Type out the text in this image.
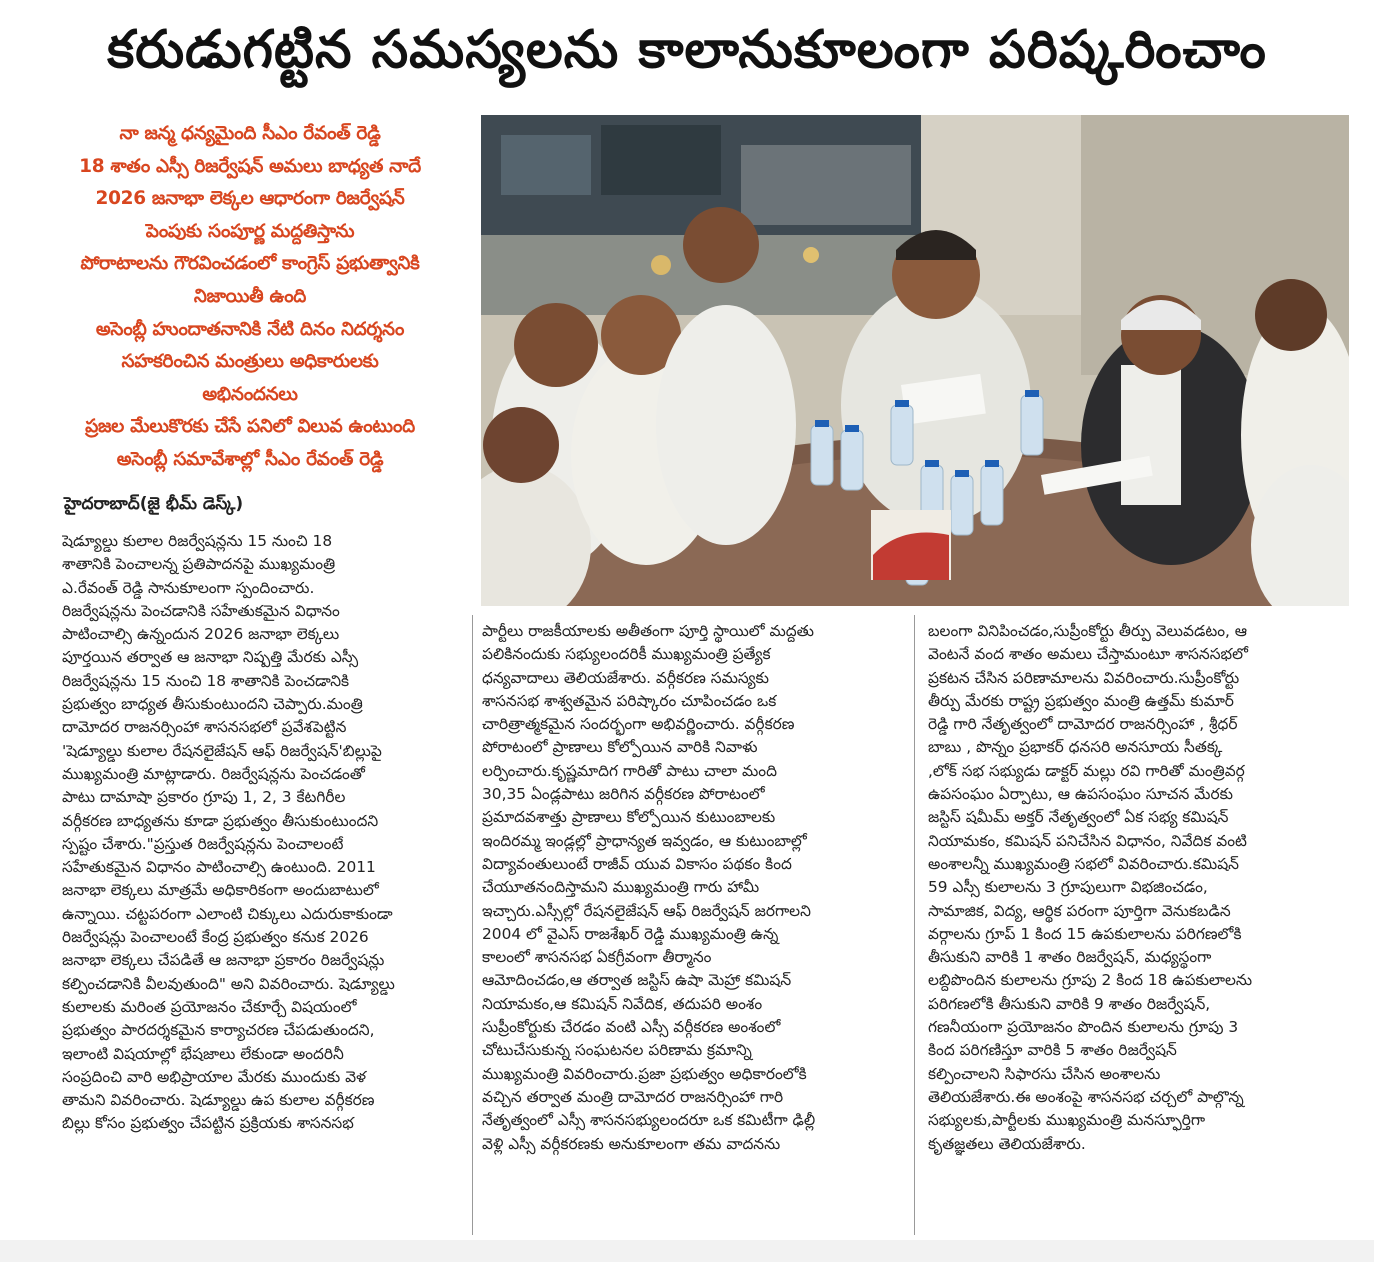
కరుడుగట్టిన సమస్యలను కాలానుకూలంగా పరిష్కరించాం
నా జన్మ ధన్యమైంది సీఎం రేవంత్ రెడ్డి
18 శాతం ఎస్సీ రిజర్వేషన్ అమలు బాధ్యత నాదే
2026 జనాభా లెక్కల ఆధారంగా రిజర్వేషన్
పెంపుకు సంపూర్ణ మద్దతిస్తాను
పోరాటాలను గౌరవించడంలో కాంగ్రెస్ ప్రభుత్వానికి
నిజాయితీ ఉంది
అసెంబ్లీ హుందాతనానికి నేటి దినం నిదర్శనం
సహకరించిన మంత్రులు అధికారులకు
అభినందనలు
ప్రజల మేలుకొరకు చేసే పనిలో విలువ ఉంటుంది
అసెంబ్లీ సమావేశాల్లో సీఎం రేవంత్ రెడ్డి
హైదరాబాద్(జై భీమ్ డెస్క్)
షెడ్యూల్డు కులాల రిజర్వేషన్లను 15 నుంచి 18
శాతానికి పెంచాలన్న ప్రతిపాదనపై ముఖ్యమంత్రి
ఎ.రేవంత్ రెడ్డి సానుకూలంగా స్పందించారు.
రిజర్వేషన్లను పెంచడానికి సహేతుకమైన విధానం
పాటించాల్సి ఉన్నందున 2026 జనాభా లెక్కలు
పూర్తయిన తర్వాత ఆ జనాభా నిష్పత్తి మేరకు ఎస్సీ
రిజర్వేషన్లను 15 నుంచి 18 శాతానికి పెంచడానికి
ప్రభుత్వం బాధ్యత తీసుకుంటుందని చెప్పారు.మంత్రి
దామోదర రాజనర్సింహా శాసనసభలో ప్రవేశపెట్టిన
'షెడ్యూల్డు కులాల రేషనలైజేషన్ ఆఫ్ రిజర్వేషన్'బిల్లుపై
ముఖ్యమంత్రి మాట్లాడారు. రిజర్వేషన్లను పెంచడంతో
పాటు దామాషా ప్రకారం గ్రూపు 1, 2, 3 కేటగిరీల
వర్గీకరణ బాధ్యతను కూడా ప్రభుత్వం తీసుకుంటుందని
స్పష్టం చేశారు."ప్రస్తుత రిజర్వేషన్లను పెంచాలంటే
సహేతుకమైన విధానం పాటించాల్సి ఉంటుంది. 2011
జనాభా లెక్కలు మాత్రమే అధికారికంగా అందుబాటులో
ఉన్నాయి. చట్టపరంగా ఎలాంటి చిక్కులు ఎదురుకాకుండా
రిజర్వేషన్లు పెంచాలంటే కేంద్ర ప్రభుత్వం కనుక 2026
జనాభా లెక్కలు చేపడితే ఆ జనాభా ప్రకారం రిజర్వేషన్లు
కల్పించడానికి వీలవుతుంది" అని వివరించారు. షెడ్యూల్డు
కులాలకు మరింత ప్రయోజనం చేకూర్చే విషయంలో
ప్రభుత్వం పారదర్శకమైన కార్యాచరణ చేపడుతుందని,
ఇలాంటి విషయాల్లో భేషజాలు లేకుండా అందరినీ
సంప్రదించి వారి అభిప్రాయాల మేరకు ముందుకు వెళ
తామని వివరించారు. షెడ్యూల్డు ఉప కులాల వర్గీకరణ
బిల్లు కోసం ప్రభుత్వం చేపట్టిన ప్రక్రియకు శాసనసభ
పార్టీలు రాజకీయాలకు అతీతంగా పూర్తి స్థాయిలో మద్దతు
పలికినందుకు సభ్యులందరికీ ముఖ్యమంత్రి ప్రత్యేక
ధన్యవాదాలు తెలియజేశారు. వర్గీకరణ సమస్యకు
శాసనసభ శాశ్వతమైన పరిష్కారం చూపించడం ఒక
చారిత్రాత్మకమైన సందర్భంగా అభివర్ణించారు. వర్గీకరణ
పోరాటంలో ప్రాణాలు కోల్పోయిన వారికి నివాళు
లర్పించారు.కృష్ణమాదిగ గారితో పాటు చాలా మంది
30,35 ఏండ్లపాటు జరిగిన వర్గీకరణ పోరాటంలో
ప్రమాదవశాత్తు ప్రాణాలు కోల్పోయిన కుటుంబాలకు
ఇందిరమ్మ ఇండ్లల్లో ప్రాధాన్యత ఇవ్వడం, ఆ కుటుంబాల్లో
విద్యావంతులుంటే రాజీవ్ యువ వికాసం పథకం కింద
చేయూతనందిస్తామని ముఖ్యమంత్రి గారు హామీ
ఇచ్చారు.ఎస్సీల్లో రేషనలైజేషన్ ఆఫ్ రిజర్వేషన్ జరగాలని
2004 లో వైఎస్ రాజశేఖర్ రెడ్డి ముఖ్యమంత్రి ఉన్న
కాలంలో శాసనసభ ఏకగ్రీవంగా తీర్మానం
ఆమోదించడం,ఆ తర్వాత జస్టిస్ ఉషా మెహ్రా కమిషన్
నియామకం,ఆ కమిషన్ నివేదిక, తదుపరి అంశం
సుప్రీంకోర్టుకు చేరడం వంటి ఎస్సీ వర్గీకరణ అంశంలో
చోటుచేసుకున్న సంఘటనల పరిణామ క్రమాన్ని
ముఖ్యమంత్రి వివరించారు.ప్రజా ప్రభుత్వం అధికారంలోకి
వచ్చిన తర్వాత మంత్రి దామోదర రాజనర్సింహా గారి
నేతృత్వంలో ఎస్సీ శాసనసభ్యులందరూ ఒక కమిటీగా ఢిల్లీ
వెళ్లి ఎస్సీ వర్గీకరణకు అనుకూలంగా తమ వాదనను
బలంగా వినిపించడం,సుప్రీంకోర్టు తీర్పు వెలువడటం, ఆ
వెంటనే వంద శాతం అమలు చేస్తామంటూ శాసనసభలో
ప్రకటన చేసిన పరిణామాలను వివరించారు.సుప్రీంకోర్టు
తీర్పు మేరకు రాష్ట్ర ప్రభుత్వం మంత్రి ఉత్తమ్ కుమార్
రెడ్డి గారి నేతృత్వంలో దామోదర రాజనర్సింహా , శ్రీధర్
బాబు , పొన్నం ప్రభాకర్ ధనసరి అనసూయ సీతక్క
,లోక్ సభ సభ్యుడు డాక్టర్ మల్లు రవి గారితో మంత్రివర్గ
ఉపసంఘం ఏర్పాటు, ఆ ఉపసంఘం సూచన మేరకు
జస్టిస్ షమీమ్ అక్తర్ నేతృత్వంలో ఏక సభ్య కమిషన్
నియామకం, కమిషన్ పనిచేసిన విధానం, నివేదిక వంటి
అంశాలన్నీ ముఖ్యమంత్రి సభలో వివరించారు.కమిషన్
59 ఎస్సీ కులాలను 3 గ్రూపులుగా విభజించడం,
సామాజిక, విద్య, ఆర్థిక పరంగా పూర్తిగా వెనుకబడిన
వర్గాలను గ్రూప్ 1 కింద 15 ఉపకులాలను పరిగణలోకి
తీసుకుని వారికి 1 శాతం రిజర్వేషన్, మధ్యస్థంగా
లబ్దిపొందిన కులాలను గ్రూపు 2 కింద 18 ఉపకులాలను
పరిగణలోకి తీసుకుని వారికి 9 శాతం రిజర్వేషన్,
గణనీయంగా ప్రయోజనం పొందిన కులాలను గ్రూపు 3
కింద పరిగణిస్తూ వారికి 5 శాతం రిజర్వేషన్
కల్పించాలని సిఫారసు చేసిన అంశాలను
తెలియజేశారు.ఈ అంశంపై శాసనసభ చర్చలో పాల్గొన్న
సభ్యులకు,పార్టీలకు ముఖ్యమంత్రి మనస్ఫూర్తిగా
కృతజ్ఞతలు తెలియజేశారు.
